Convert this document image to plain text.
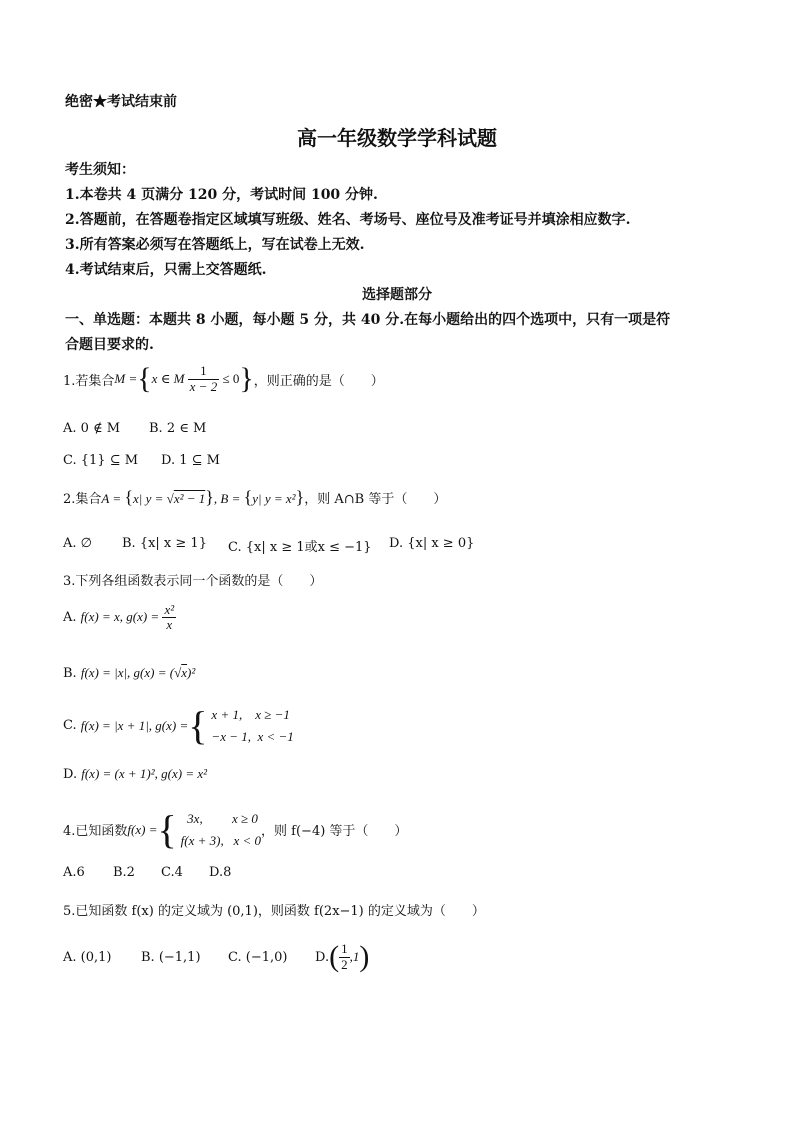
绝密★考试结束前
高一年级数学学科试题
考生须知：
1.本卷共 4 页满分 120 分，考试时间 100 分钟.
2.答题前，在答题卷指定区域填写班级、姓名、考场号、座位号及准考证号并填涂相应数字.
3.所有答案必须写在答题纸上，写在试卷上无效.
4.考试结束后，只需上交答题纸.
选择题部分
一、单选题：本题共 8 小题，每小题 5 分，共 40 分.在每小题给出的四个选项中，只有一项是符
合题目要求的.
1.若集合 M = { x ∈ M $\frac{1}{x - 2}$
≤ 0 } ，则正确的是（　　）
A. 0 ∉ M B. 2 ∈ M
C. {1} ⊆ M D. 1 ⊆ M
2.集合 A = {x| y = √x² − 1}, B = {y| y = x²} ，则 A∩B 等于（　　）
A. ∅ B. {x| x ≥ 1} C. {x| x ≥ 1或x ≤ −1} D. {x| x ≥ 0}
3.下列各组函数表示同一个函数的是（　　）
A.
f(x) = x, $g(x) = \frac{\text{x²}}{x}$
B.
f(x) = |x|, g(x) = (√x)²
C.
f(x) = |x + 1|, g(x) = { x + 1,    x ≥ −1
−x − 1,  x < −1
D.
f(x) = (x + 1)², g(x) = x²
4.已知函数 f(x) = { 3x,         x ≥ 0
f(x + 3),   x < 0
，则 f(−4) 等于（　　）
A.6 B.2 C.4 D.8
5.已知函数 f(x) 的定义域为 (0,1)，则函数 f(2x−1) 的定义域为（　　）
A. (0,1) B. (−1,1) C. (−1,0) D. ( $\frac{1}{2} ,1$ )
